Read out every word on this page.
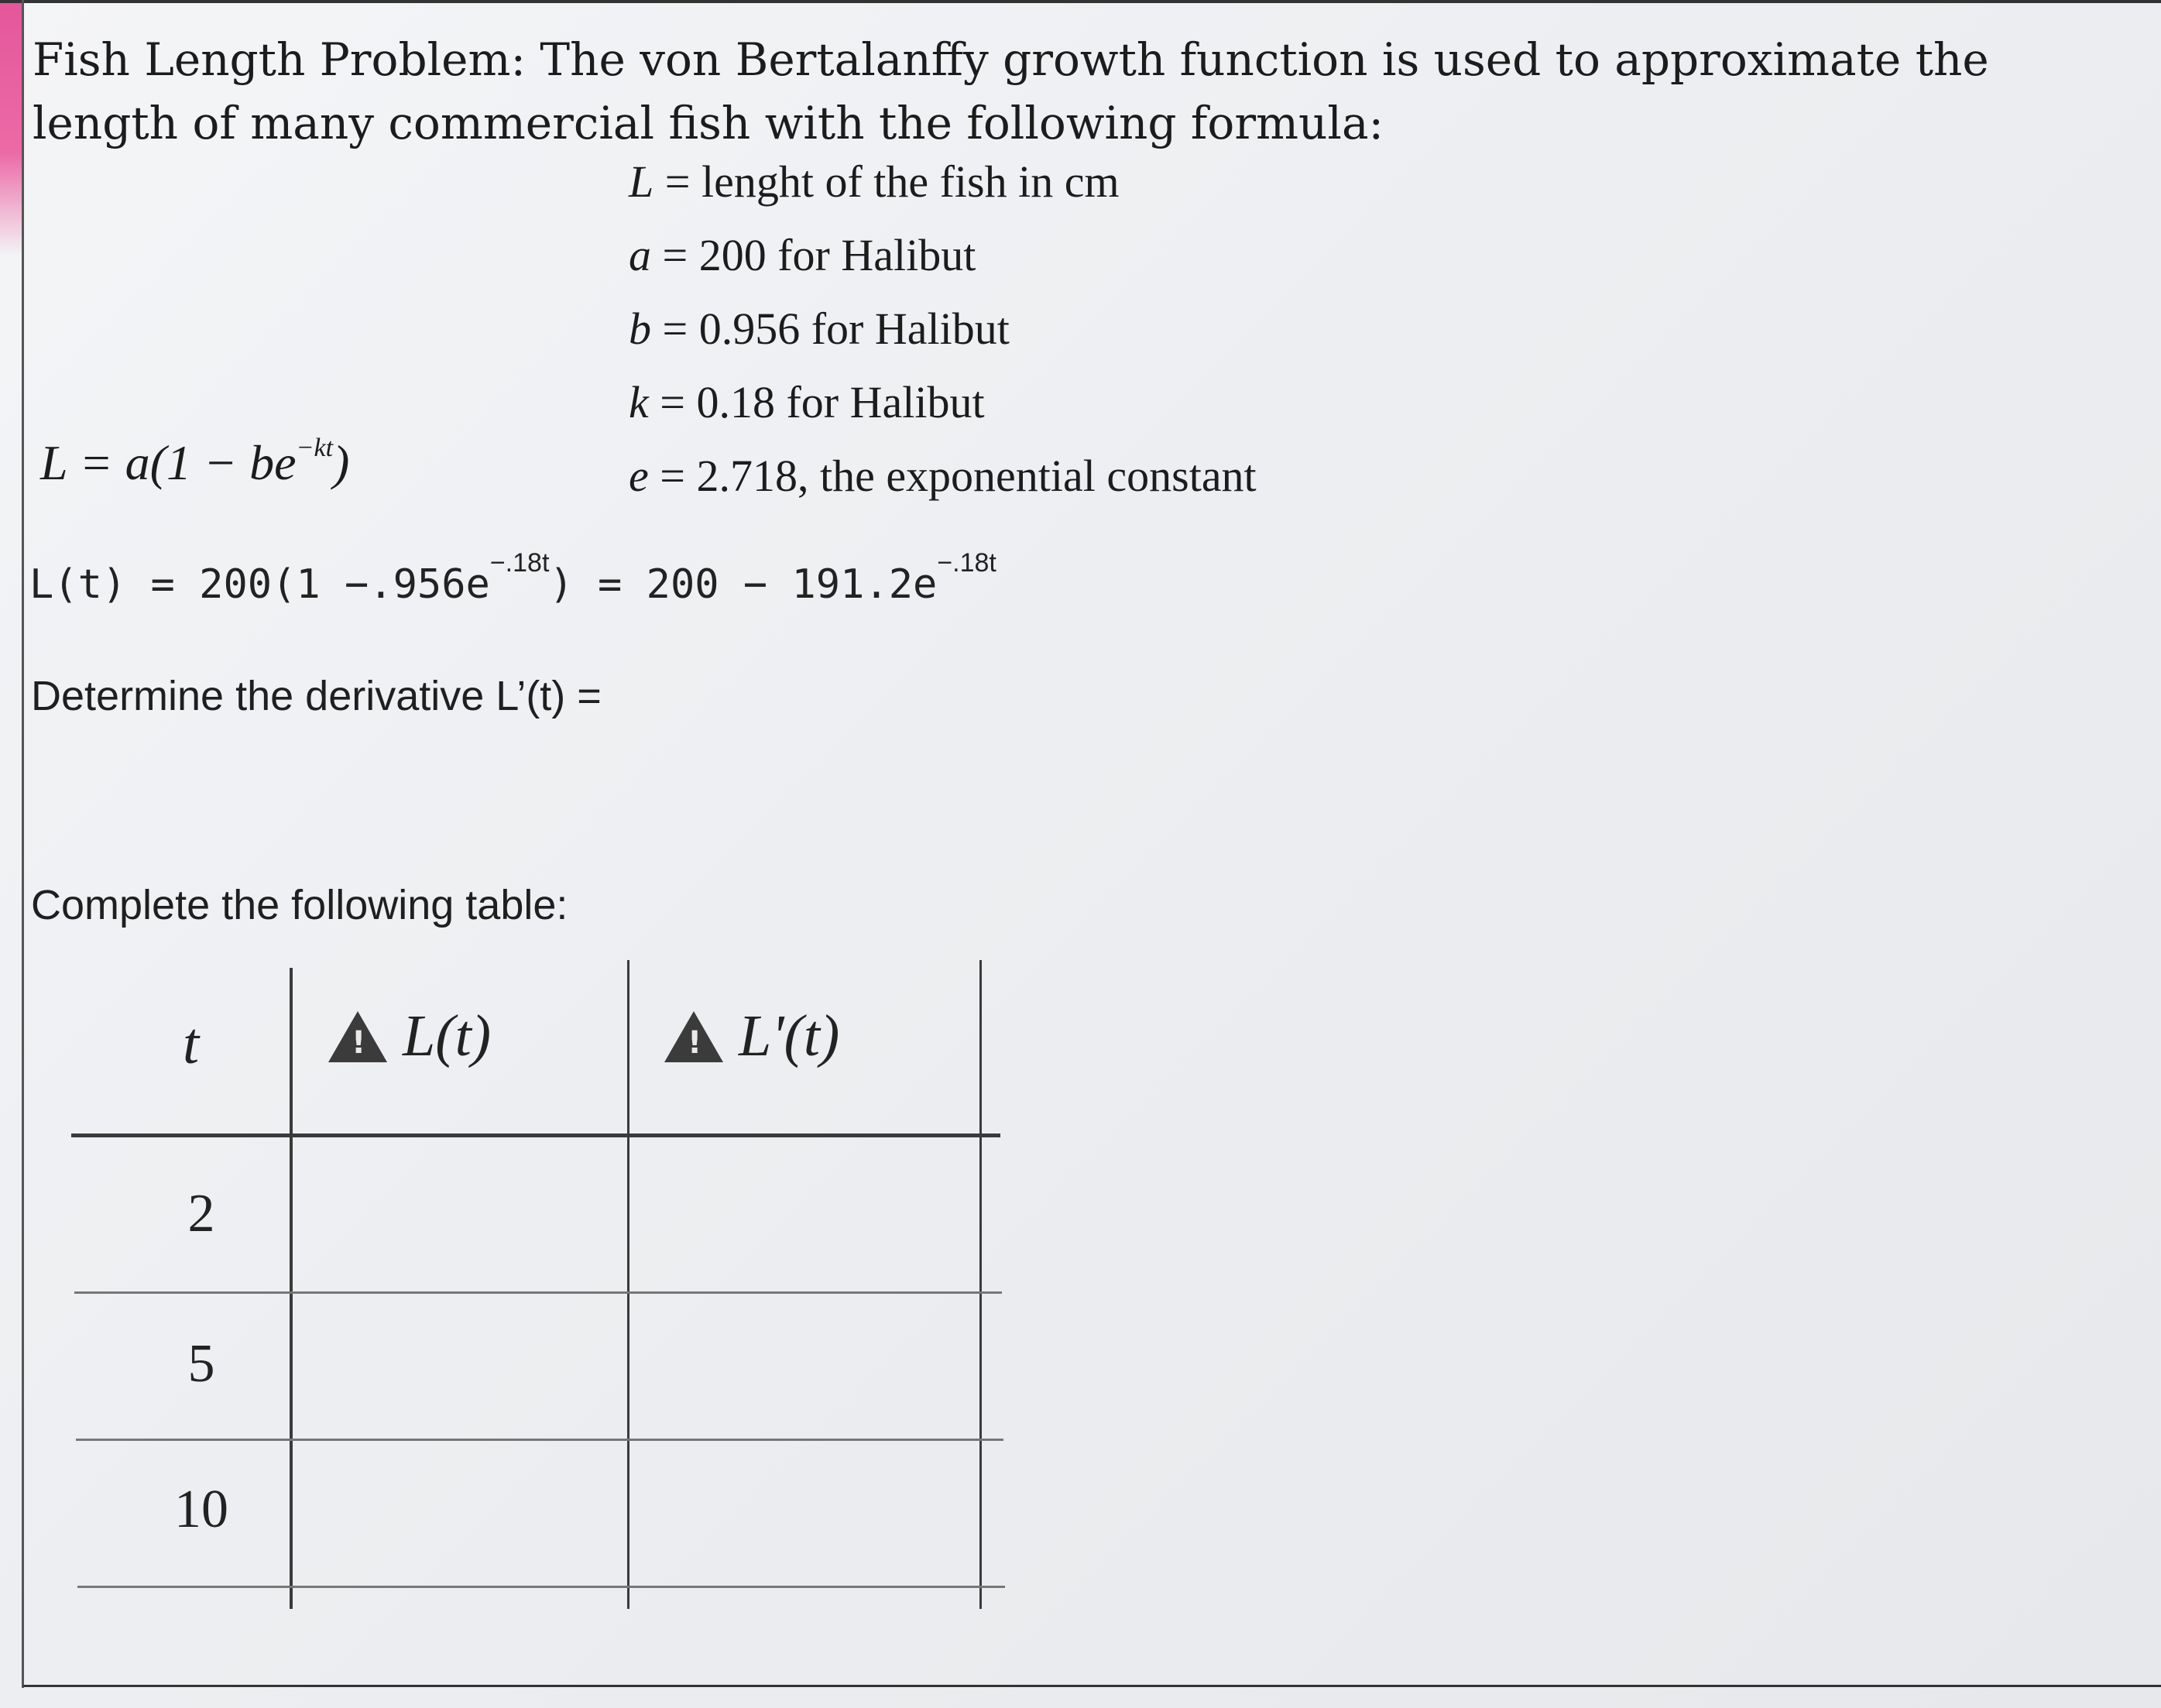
Fish Length Problem: The von Bertalanffy growth function is used to approximate the length of many commercial fish with the following formula:

L = lenght of the fish in cm
a = 200 for Halibut
b = 0.956 for Halibut
k = 0.18 for Halibut
e = 2.718, the exponential constant
$L = a(1 - be^{-kt})$
$L(t) = 200(1 -.956e^{-.18t}) = 200 - 191.2e^{-.18t}$
Determine the derivative L’(t) =
Complete the following table:
t !	L(t) !	L'(t)
2
5
10
